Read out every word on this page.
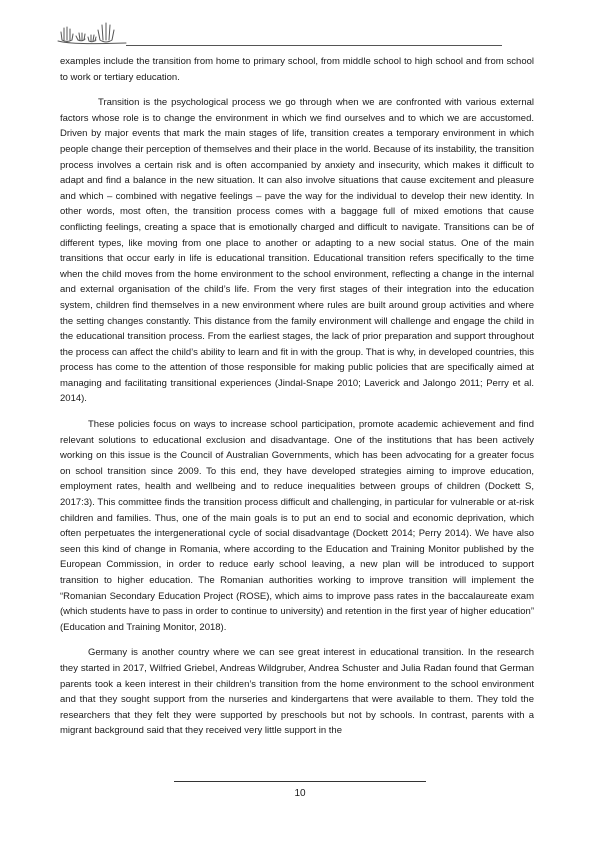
examples include the transition from home to primary school, from middle school to high school and from school to work or tertiary education.

Transition is the psychological process we go through when we are confronted with various external factors whose role is to change the environment in which we find ourselves and to which we are accustomed. Driven by major events that mark the main stages of life, transition creates a temporary environment in which people change their perception of themselves and their place in the world. Because of its instability, the transition process involves a certain risk and is often accompanied by anxiety and insecurity, which makes it difficult to adapt and find a balance in the new situation. It can also involve situations that cause excitement and pleasure and which – combined with negative feelings – pave the way for the individual to develop their new identity. In other words, most often, the transition process comes with a baggage full of mixed emotions that cause conflicting feelings, creating a space that is emotionally charged and difficult to navigate. Transitions can be of different types, like moving from one place to another or adapting to a new social status. One of the main transitions that occur early in life is educational transition. Educational transition refers specifically to the time when the child moves from the home environment to the school environment, reflecting a change in the internal and external organisation of the child’s life. From the very first stages of their integration into the education system, children find themselves in a new environment where rules are built around group activities and where the setting changes constantly. This distance from the family environment will challenge and engage the child in the educational transition process. From the earliest stages, the lack of prior preparation and support throughout the process can affect the child’s ability to learn and fit in with the group. That is why, in developed countries, this process has come to the attention of those responsible for making public policies that are specifically aimed at managing and facilitating transitional experiences (Jindal-Snape 2010; Laverick and Jalongo 2011; Perry et al. 2014).

These policies focus on ways to increase school participation, promote academic achievement and find relevant solutions to educational exclusion and disadvantage. One of the institutions that has been actively working on this issue is the Council of Australian Governments, which has been advocating for a greater focus on school transition since 2009. To this end, they have developed strategies aiming to improve education, employment rates, health and wellbeing and to reduce inequalities between groups of children (Dockett S, 2017:3). This committee finds the transition process difficult and challenging, in particular for vulnerable or at-risk children and families. Thus, one of the main goals is to put an end to social and economic deprivation, which often perpetuates the intergenerational cycle of social disadvantage (Dockett 2014; Perry 2014). We have also seen this kind of change in Romania, where according to the Education and Training Monitor published by the European Commission, in order to reduce early school leaving, a new plan will be introduced to support transition to higher education. The Romanian authorities working to improve transition will implement the “Romanian Secondary Education Project (ROSE), which aims to improve pass rates in the baccalaureate exam (which students have to pass in order to continue to university) and retention in the first year of higher education” (Education and Training Monitor, 2018).

Germany is another country where we can see great interest in educational transition. In the research they started in 2017, Wilfried Griebel, Andreas Wildgruber, Andrea Schuster and Julia Radan found that German parents took a keen interest in their children’s transition from the home environment to the school environment and that they sought support from the nurseries and kindergartens that were available to them. They told the researchers that they felt they were supported by preschools but not by schools. In contrast, parents with a migrant background said that they received very little support in the

10
